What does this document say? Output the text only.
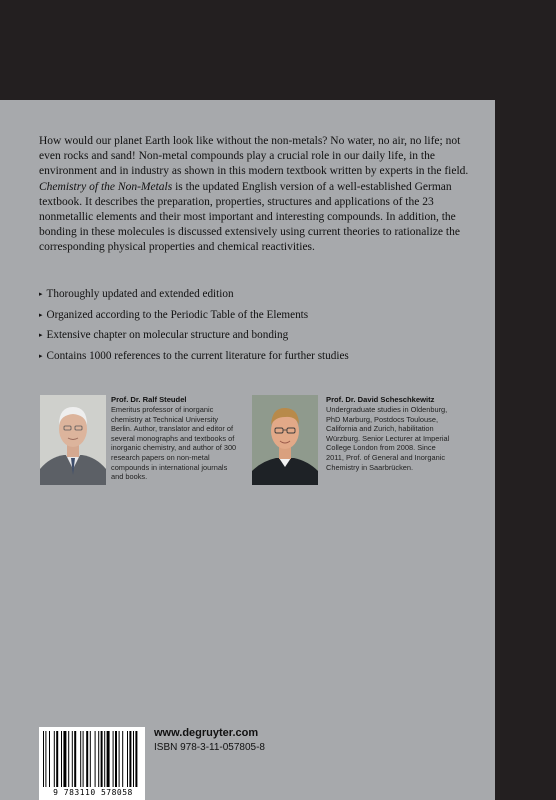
How would our planet Earth look like without the non-metals? No water, no air, no life; not even rocks and sand! Non-metal compounds play a crucial role in our daily life, in the environment and in industry as shown in this modern textbook written by experts in the field. Chemistry of the Non-Metals is the updated English version of a well-established German textbook. It describes the preparation, properties, structures and applications of the 23 nonmetallic elements and their most important and interesting compounds. In addition, the bonding in these molecules is discussed extensively using current theories to rationalize the corresponding physical properties and chemical reactivities.

▸ Thoroughly updated and extended edition
▸ Organized according to the Periodic Table of the Elements
▸ Extensive chapter on molecular structure and bonding
▸ Contains 1000 references to the current literature for further studies
Prof. Dr. Ralf Steudel

Emeritus professor of inorganic chemistry at Technical University Berlin. Author, translator and editor of several monographs and textbooks of inorganic chemistry, and author of 300 research papers on non-metal compounds in international journals and books.

Prof. Dr. David Scheschkewitz

Undergraduate studies in Oldenburg, PhD Marburg, Postdocs Toulouse, California and Zurich, habilitation Würzburg. Senior Lecturer at Imperial College London from 2008. Since 2011, Prof. of General and Inorganic Chemistry in Saarbrücken.

9 783110 578058
www.degruyter.com
ISBN 978-3-11-057805-8
